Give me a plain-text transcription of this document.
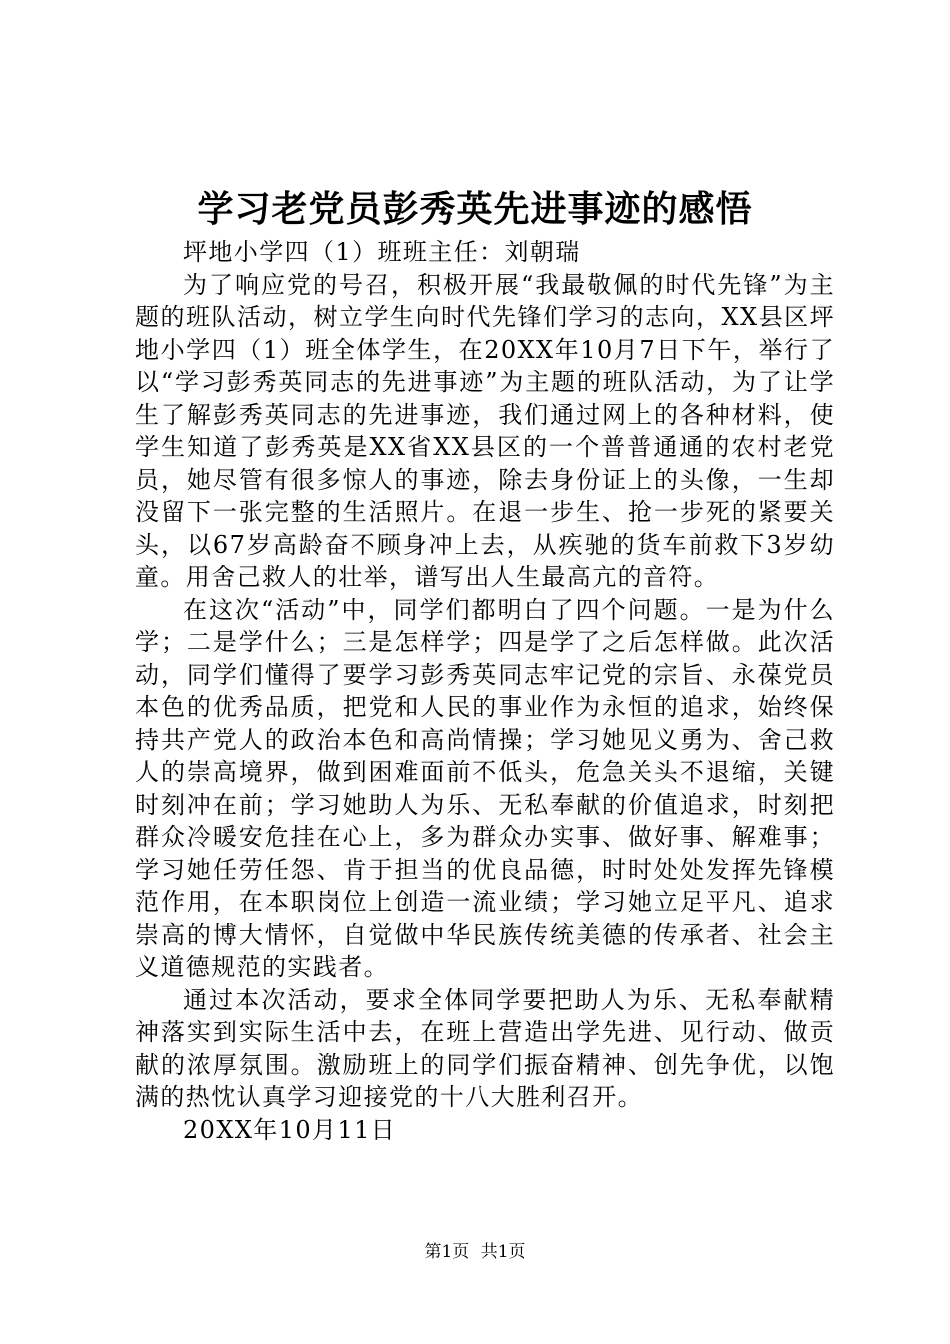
学习老党员彭秀英先进事迹的感悟

坪地小学四（1）班班主任：刘朝瑞

为了响应党的号召，积极开展“我最敬佩的时代先锋”为主题的班队活动，树立学生向时代先锋们学习的志向，XX县区坪地小学四（1）班全体学生，在20XX年10月7日下午，举行了以“学习彭秀英同志的先进事迹”为主题的班队活动，为了让学生了解彭秀英同志的先进事迹，我们通过网上的各种材料，使学生知道了彭秀英是XX省XX县区的一个普普通通的农村老党员，她尽管有很多惊人的事迹，除去身份证上的头像，一生却没留下一张完整的生活照片。在退一步生、抢一步死的紧要关头，以67岁高龄奋不顾身冲上去，从疾驰的货车前救下3岁幼童。用舍己救人的壮举，谱写出人生最高亢的音符。

在这次“活动”中，同学们都明白了四个问题。一是为什么学；二是学什么；三是怎样学；四是学了之后怎样做。此次活动，同学们懂得了要学习彭秀英同志牢记党的宗旨、永葆党员本色的优秀品质，把党和人民的事业作为永恒的追求，始终保持共产党人的政治本色和高尚情操；学习她见义勇为、舍己救人的崇高境界，做到困难面前不低头，危急关头不退缩，关键时刻冲在前；学习她助人为乐、无私奉献的价值追求，时刻把群众冷暖安危挂在心上，多为群众办实事、做好事、解难事；学习她任劳任怨、肯于担当的优良品德，时时处处发挥先锋模范作用，在本职岗位上创造一流业绩；学习她立足平凡、追求崇高的博大情怀，自觉做中华民族传统美德的传承者、社会主义道德规范的实践者。

通过本次活动，要求全体同学要把助人为乐、无私奉献精神落实到实际生活中去，在班上营造出学先进、见行动、做贡献的浓厚氛围。激励班上的同学们振奋精神、创先争优，以饱满的热忱认真学习迎接党的十八大胜利召开。

20XX年10月11日

第1页 共1页
